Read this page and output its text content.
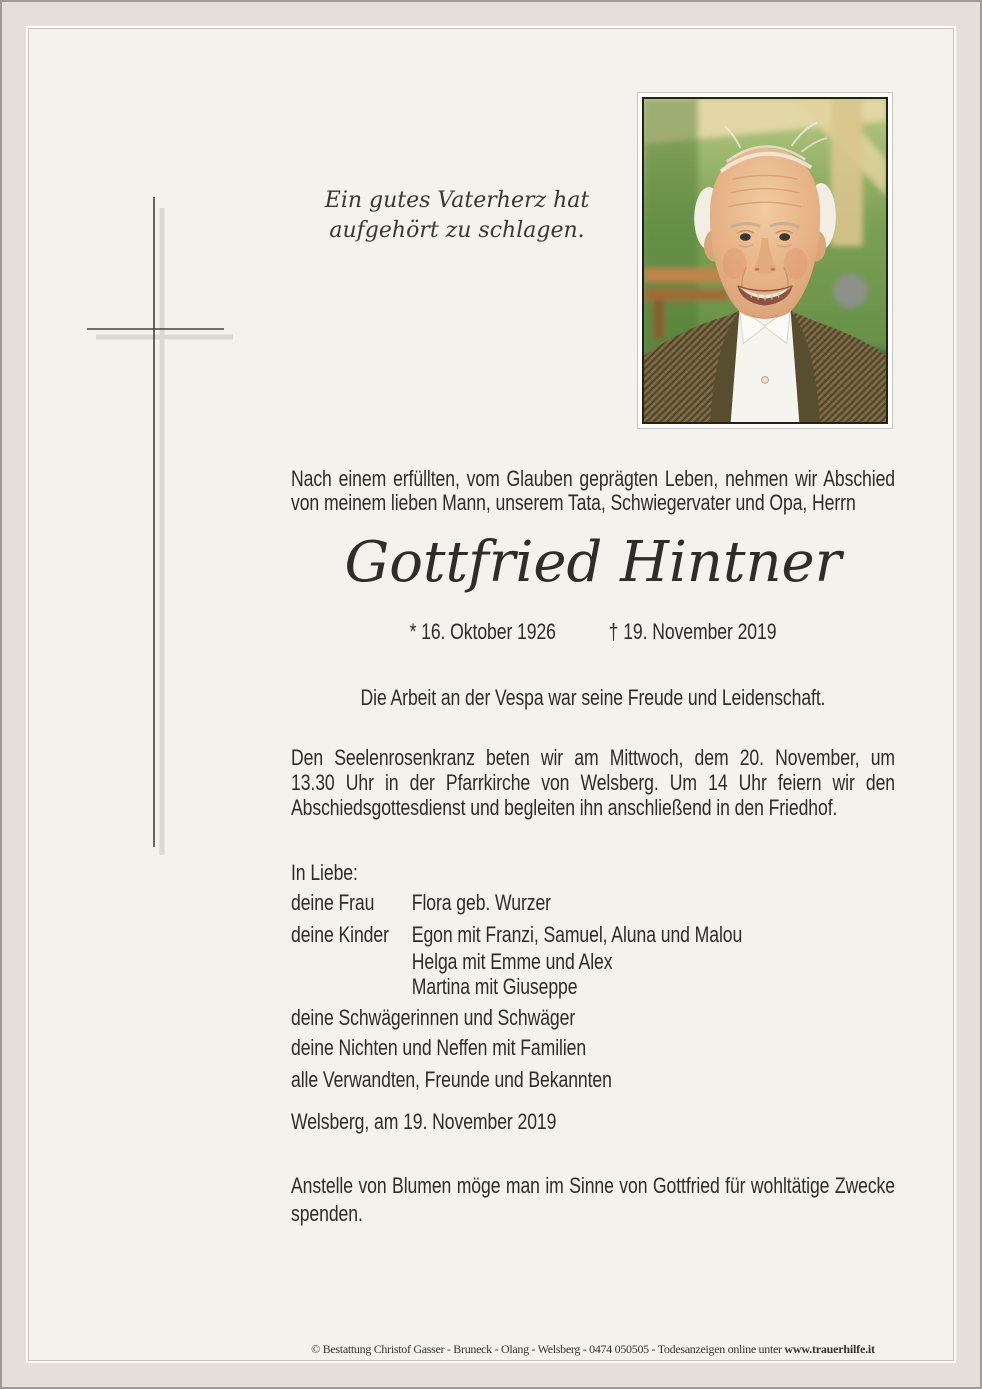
Ein gutes Vaterherz hat
aufgehört zu schlagen.
Nach einem erfüllten, vom Glauben geprägten Leben, nehmen wir Abschied
von meinem lieben Mann, unserem Tata, Schwiegervater und Opa, Herrn
* 16. Oktober 1926 † 19. November 2019
Die Arbeit an der Vespa war seine Freude und Leidenschaft.
Den Seelenrosenkranz beten wir am Mittwoch, dem 20. November, um
13.30 Uhr in der Pfarrkirche von Welsberg. Um 14 Uhr feiern wir den
Abschiedsgottesdienst und begleiten ihn anschließend in den Friedhof.
In Liebe:
deine Frau Flora geb. Wurzer
deine Kinder Egon mit Franzi, Samuel, Aluna und Malou
Helga mit Emme und Alex
Martina mit Giuseppe
deine Schwägerinnen und Schwäger
deine Nichten und Neffen mit Familien
alle Verwandten, Freunde und Bekannten
Welsberg, am 19. November 2019
Anstelle von Blumen möge man im Sinne von Gottfried für wohltätige Zwecke
spenden.
Gottfried Hintner
© Bestattung Christof Gasser - Bruneck - Olang - Welsberg - 0474 050505 - Todesanzeigen online unter www.trauerhilfe.it
